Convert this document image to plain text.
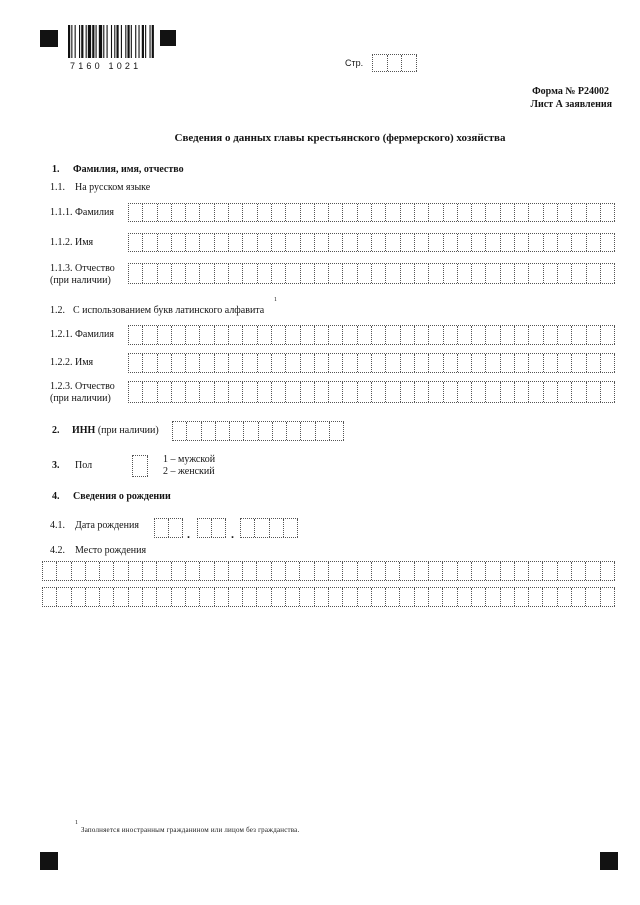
7160 1021	Стр.
Форма № Р24002
Лист А заявления
Сведения о данных главы крестьянского (фермерского) хозяйства
1. Фамилия, имя, отчество
1.1. На русском языке
1.1.1. Фамилия
1.1.2. Имя
1.1.3. Отчество
(при наличии)
1.2. С использованием букв латинского алфавита
1
1.2.1. Фамилия
1.2.2. Имя
1.2.3. Отчество
(при наличии)
2. ИНН (при наличии)
3. Пол
1 – мужской
2 – женский
4. Сведения о рождении
4.1. Дата рождения
.	.
4.2. Место рождения
1
Заполняется иностранным гражданином или лицом без гражданства.
